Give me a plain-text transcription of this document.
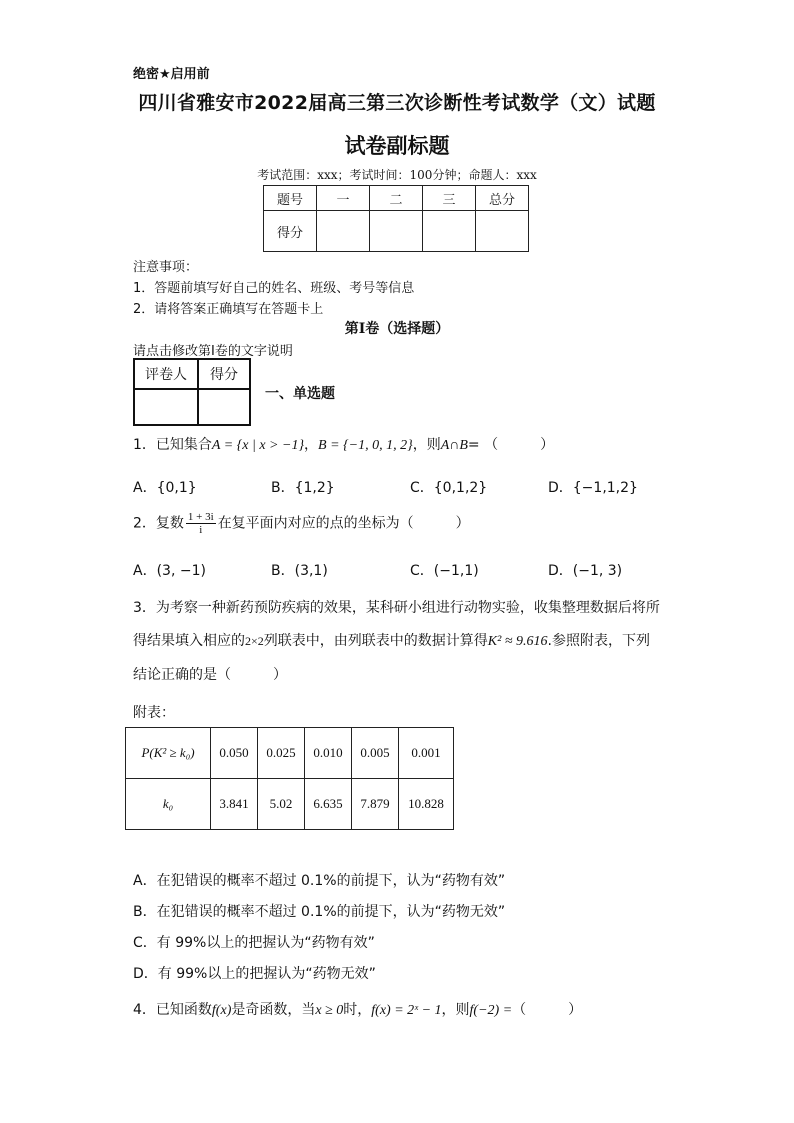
绝密★启用前
四川省雅安市2022届高三第三次诊断性考试数学（文）试题
试卷副标题
考试范围：xxx；考试时间：100分钟；命题人：xxx
题号	一	二	三	总分
得分				
注意事项：
1．答题前填写好自己的姓名、班级、考号等信息
2．请将答案正确填写在答题卡上
第I卷（选择题）
请点击修改第I卷的文字说明
评卷人	得分

一、单选题
1．已知集合A = {x | x > −1}，B = {−1, 0, 1, 2}，则A∩B= （　　　）
A．{0,1}	B．{1,2}	C．{0,1,2}	D．{−1,1,2}
2．复数 $\frac{1 + 3i}{i}$ 在复平面内对应的点的坐标为（　　　）
A．(3, −1)	B．(3,1)	C．(−1,1)	D．(−1, 3)
3．为考察一种新药预防疾病的效果，某科研小组进行动物实验，收集整理数据后将所
得结果填入相应的2×2列联表中，由列联表中的数据计算得K² ≈ 9.616.参照附表，下列
结论正确的是（　　　）
附表：
P(K² ≥ k₀)	0.050	0.025	0.010	0.005	0.001
k₀	3.841	5.02	6.635	7.879	10.828
A．在犯错误的概率不超过 0.1%的前提下，认为“药物有效”
B．在犯错误的概率不超过 0.1%的前提下，认为“药物无效”
C．有 99%以上的把握认为“药物有效”
D．有 99%以上的把握认为“药物无效”
4．已知函数f(x)是奇函数，当x ≥ 0时，f(x) = 2ˣ − 1，则f(−2) =（　　　）
